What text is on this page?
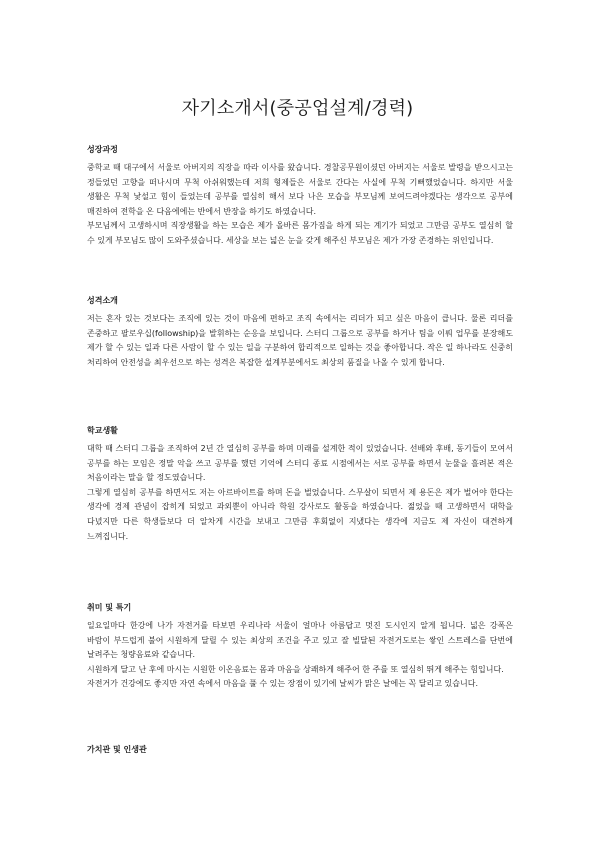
자기소개서(중공업설계/경력)
성장과정

중학교 때 대구에서 서울로 아버지의 직장을 따라 이사를 왔습니다. 경찰공무원이셨던 아버지는 서울로 발령을 받으시고는 정들었던 고향을 떠나시며 무척 아쉬워했는데 저희 형제들은 서울로 간다는 사실에 무척 기뻐했었습니다. 하지만 서울 생활은 무척 낯설고 힘이 들었는데 공부를 열심히 해서 보다 나은 모습을 부모님께 보여드려야겠다는 생각으로 공부에 매진하여 전학을 온 다음에에는 반에서 반장을 하기도 하였습니다.

부모님께서 고생하시며 직장생활을 하는 모습은 제가 올바른 몸가짐을 하게 되는 계기가 되었고 그만큼 공부도 열심히 할 수 있게 부모님도 많이 도와주셨습니다. 세상을 보는 넓은 눈을 갖게 해주신 부모님은 제가 가장 존경하는 위인입니다.

성격소개

저는 혼자 있는 것보다는 조직에 있는 것이 마음에 편하고 조직 속에서는 리더가 되고 싶은 마음이 큽니다. 물론 리더를 존중하고 팔로우십(followship)을 발휘하는 순응을 보입니다. 스터디 그룹으로 공부를 하거나 팀을 이뤄 업무를 분장해도 제가 할 수 있는 일과 다른 사람이 할 수 있는 일을 구분하여 합리적으로 일하는 것을 좋아합니다. 작은 일 하나라도 신중히 처리하여 안전성을 최우선으로 하는 성격은 복잡한 설계부분에서도 최상의 품질을 나올 수 있게 합니다.

학교생활

대학 때 스터디 그룹을 조직하여 2년 간 열심히 공부를 하며 미래를 설계한 적이 있었습니다. 선배와 후배, 동기들이 모여서 공부를 하는 모임은 정말 악을 쓰고 공부를 했던 기억에 스터디 종료 시점에서는 서로 공부를 하면서 눈물을 흘려본 적은 처음이라는 말을 할 정도였습니다.

그렇게 열심히 공부를 하면서도 저는 아르바이트를 하며 돈을 벌었습니다. 스무살이 되면서 제 용돈은 제가 벌어야 한다는 생각에 경제 관념이 잡히게 되었고 과외뿐이 아니라 학원 강사로도 활동을 하였습니다. 젊었을 때 고생하면서 대학을 다녔지만 다른 학생들보다 더 알차게 시간을 보내고 그만큼 후회없이 지냈다는 생각에 지금도 제 자신이 대견하게 느껴집니다.

취미 및 특기

일요일마다 한강에 나가 자전거를 타보면 우리나라 서울이 얼마나 아름답고 멋진 도시인지 알게 됩니다. 넓은 강폭은 바람이 부드럽게 불어 시원하게 달릴 수 있는 최상의 조건을 주고 있고 잘 빌달된 자전거도로는 쌓인 스트레스를 단번에 날려주는 청량음료와 같습니다.

시원하게 달고 난 후에 마시는 시원한 이온음료는 몸과 마음을 상쾌하게 해주어 한 주를 또 열심히 뛰게 해주는 힘입니다.

자전거가 건강에도 좋지만 자연 속에서 마음을 풀 수 있는 장점이 있기에 날씨가 맑은 날에는 꼭 달리고 있습니다.

가치관 및 인생관
